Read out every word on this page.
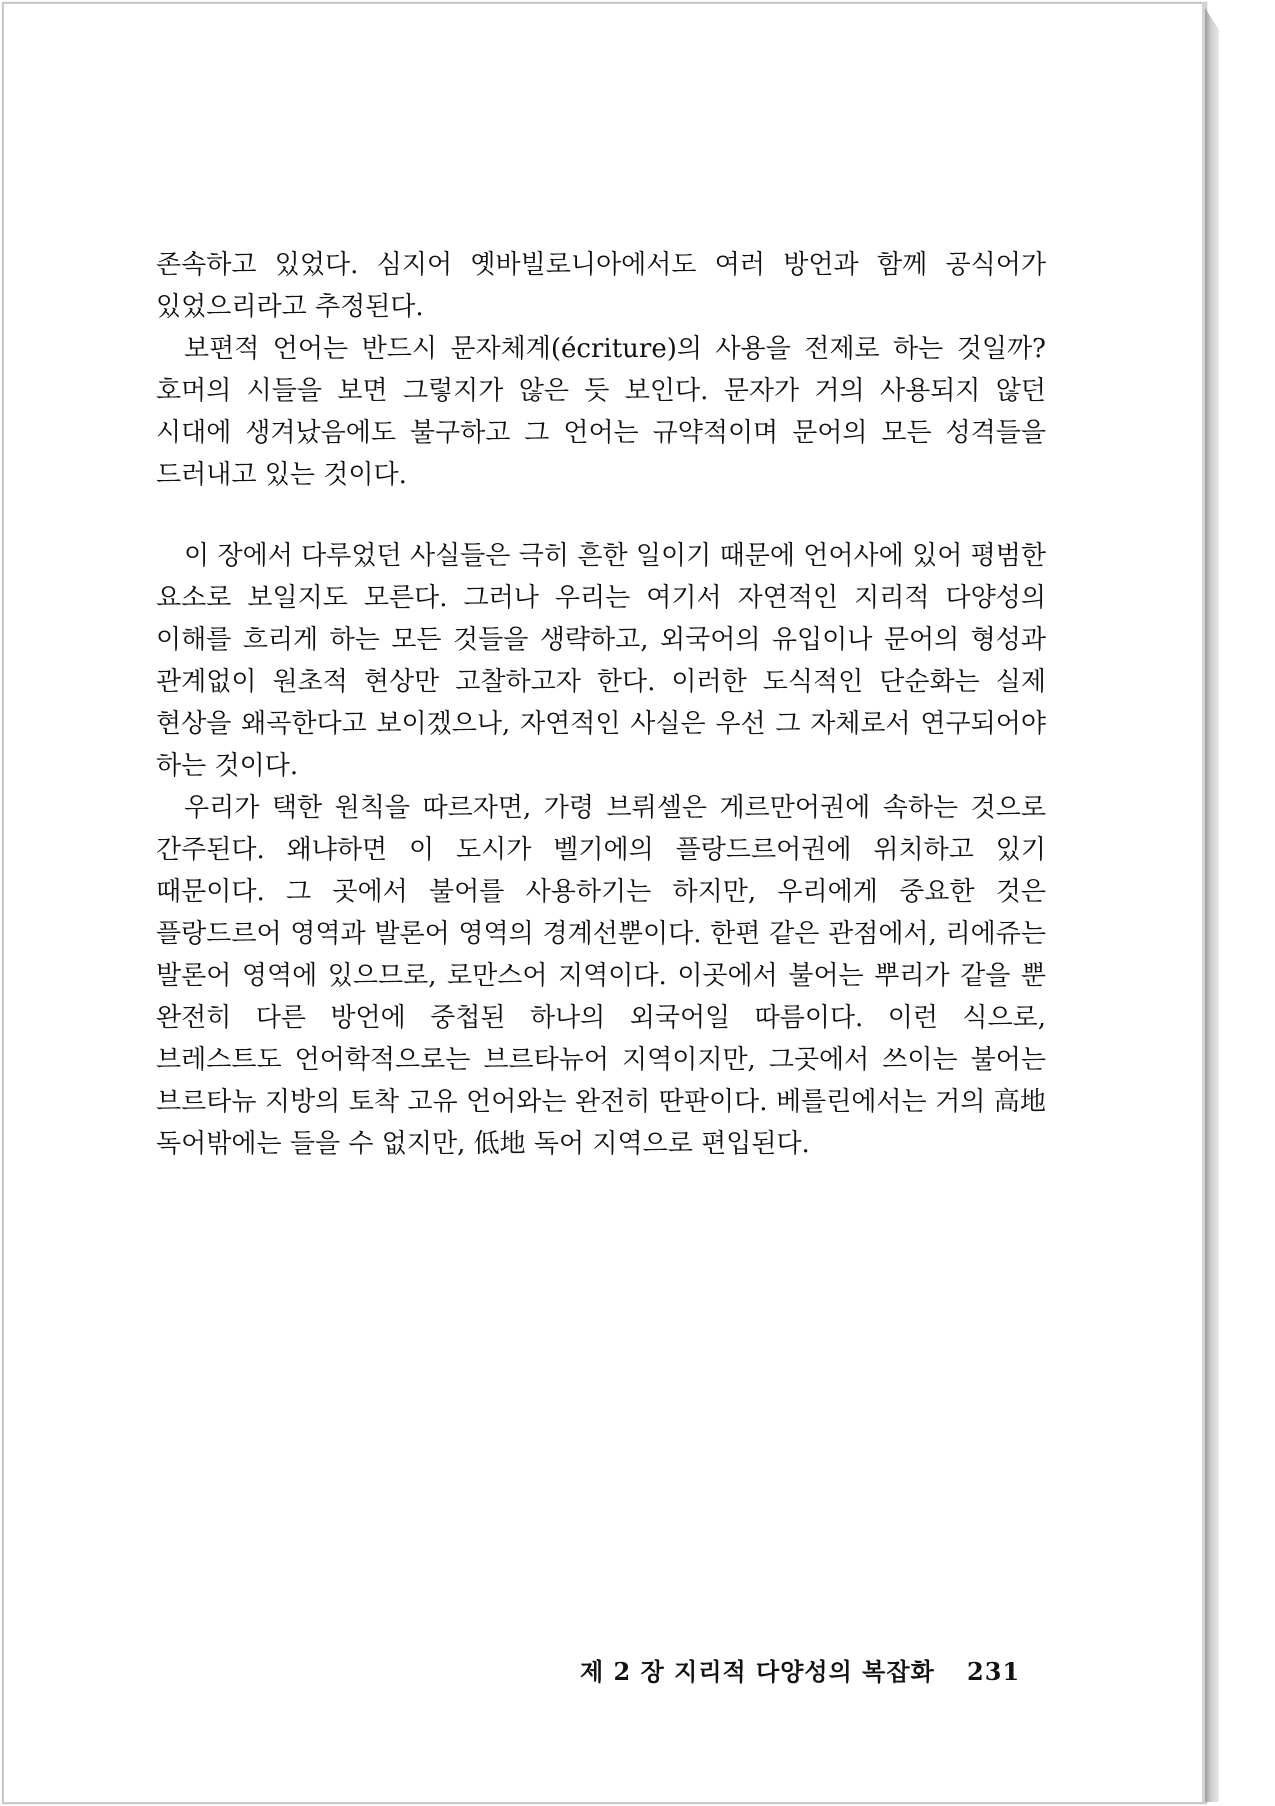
존속하고 있었다. 심지어 옛바빌로니아에서도 여러 방언과 함께 공식어가 있었으리라고 추정된다.

보편적 언어는 반드시 문자체계(écriture)의 사용을 전제로 하는 것일까? 호머의 시들을 보면 그렇지가 않은 듯 보인다. 문자가 거의 사용되지 않던 시대에 생겨났음에도 불구하고 그 언어는 규약적이며 문어의 모든 성격들을 드러내고 있는 것이다.

이 장에서 다루었던 사실들은 극히 흔한 일이기 때문에 언어사에 있어 평범한 요소로 보일지도 모른다. 그러나 우리는 여기서 자연적인 지리적 다양성의 이해를 흐리게 하는 모든 것들을 생략하고, 외국어의 유입이나 문어의 형성과 관계없이 원초적 현상만 고찰하고자 한다. 이러한 도식적인 단순화는 실제 현상을 왜곡한다고 보이겠으나, 자연적인 사실은 우선 그 자체로서 연구되어야 하는 것이다.

우리가 택한 원칙을 따르자면, 가령 브뤼셀은 게르만어권에 속하는 것으로 간주된다. 왜냐하면 이 도시가 벨기에의 플랑드르어권에 위치하고 있기 때문이다. 그 곳에서 불어를 사용하기는 하지만, 우리에게 중요한 것은 플랑드르어 영역과 발론어 영역의 경계선뿐이다. 한편 같은 관점에서, 리에쥬는 발론어 영역에 있으므로, 로만스어 지역이다. 이곳에서 불어는 뿌리가 같을 뿐 완전히 다른 방언에 중첩된 하나의 외국어일 따름이다. 이런 식으로, 브레스트도 언어학적으로는 브르타뉴어 지역이지만, 그곳에서 쓰이는 불어는 브르타뉴 지방의 토착 고유 언어와는 완전히 딴판이다. 베를린에서는 거의 高地 독어밖에는 들을 수 없지만, 低地 독어 지역으로 편입된다.

제 2 장 지리적 다양성의 복잡화 231
